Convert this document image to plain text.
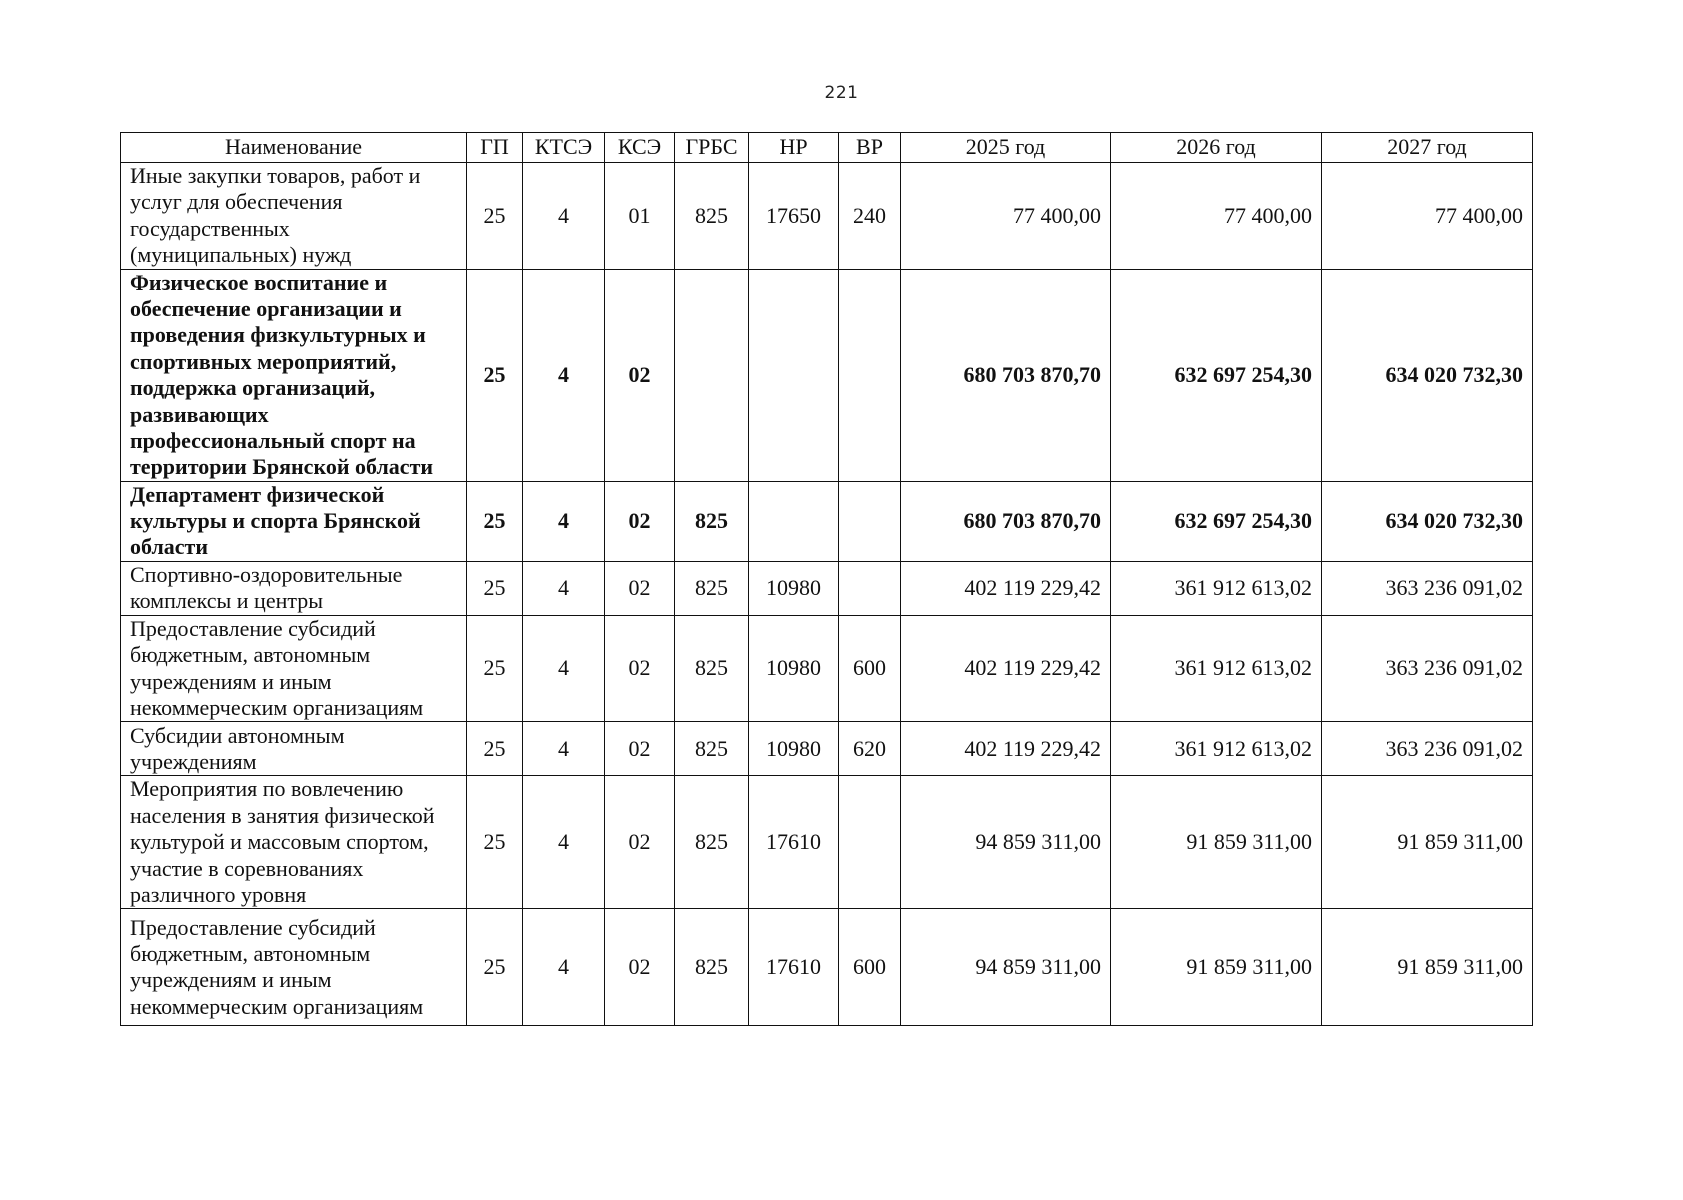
221
Наименование	ГП	КТСЭ	КСЭ	ГРБС	НР	ВР	2025 год	2026 год	2027 год
Иные закупки товаров, работ и услуг для обеспечения государственных (муниципальных) нужд	25	4	01	825	17650	240	77 400,00	77 400,00	77 400,00
Физическое воспитание и обеспечение организации и проведения физкультурных и спортивных мероприятий, поддержка организаций, развивающих профессиональный спорт на территории Брянской области	25	4	02				680 703 870,70	632 697 254,30	634 020 732,30
Департамент физической культуры и спорта Брянской области	25	4	02	825			680 703 870,70	632 697 254,30	634 020 732,30
Спортивно-оздоровительные комплексы и центры	25	4	02	825	10980		402 119 229,42	361 912 613,02	363 236 091,02
Предоставление субсидий бюджетным, автономным учреждениям и иным некоммерческим организациям	25	4	02	825	10980	600	402 119 229,42	361 912 613,02	363 236 091,02
Субсидии автономным учреждениям	25	4	02	825	10980	620	402 119 229,42	361 912 613,02	363 236 091,02
Мероприятия по вовлечению населения в занятия физической культурой и массовым спортом, участие в соревнованиях различного уровня	25	4	02	825	17610		94 859 311,00	91 859 311,00	91 859 311,00
Предоставление субсидий бюджетным, автономным учреждениям и иным некоммерческим организациям	25	4	02	825	17610	600	94 859 311,00	91 859 311,00	91 859 311,00
